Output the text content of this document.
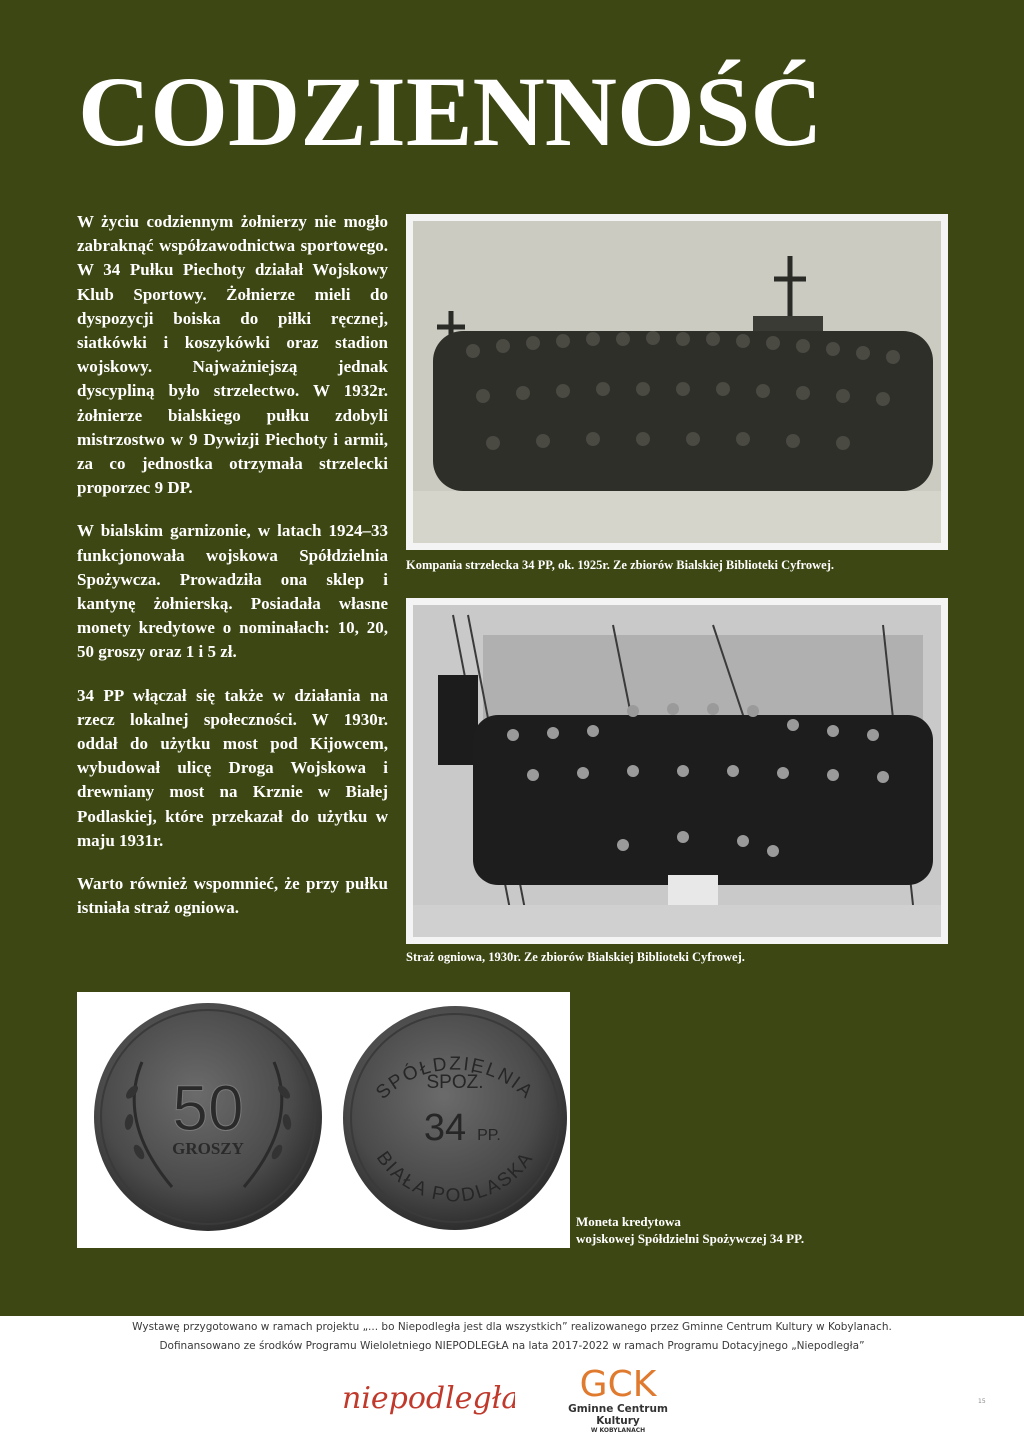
CODZIENNOŚĆ

W życiu codziennym żołnierzy nie mogło zabraknąć współzawodnictwa sportowego. W 34 Pułku Piechoty działał Wojskowy Klub Sportowy. Żołnierze mieli do dyspozycji boiska do piłki ręcznej, siatkówki i koszykówki oraz stadion wojskowy. Najważniejszą jednak dyscypliną było strzelectwo. W 1932r. żołnierze bialskiego pułku zdobyli mistrzostwo w 9 Dywizji Piechoty i armii, za co jednostka otrzymała strzelecki proporzec 9 DP.

W bialskim garnizonie, w latach 1924–33 funkcjonowała wojskowa Spółdzielnia Spożywcza. Prowadziła ona sklep i kantynę żołnierską. Posiadała własne monety kredytowe o nominałach: 10, 20, 50 groszy oraz 1 i 5 zł.

34 PP włączał się także w działania na rzecz lokalnej społeczności. W 1930r. oddał do użytku most pod Kijowcem, wybudował ulicę Droga Wojskowa i drewniany most na Krznie w Białej Podlaskiej, które przekazał do użytku w maju 1931r.

Warto również wspomnieć, że przy pułku istniała straż ogniowa.

Kompania strzelecka 34 PP, ok. 1925r. Ze zbiorów Bialskiej Biblioteki Cyfrowej.
Straż ogniowa, 1930r. Ze zbiorów Bialskiej Biblioteki Cyfrowej.
50
GROSZY
SPÓŁDZIELNIA
SPOŻ.
34 PP.
BIAŁA PODLASKA
Moneta kredytowa
wojskowej Spółdzielni Spożywczej 34 PP.
Wystawę przygotowano w ramach projektu „... bo Niepodległa jest dla wszystkich” realizowanego przez Gminne Centrum Kultury w Kobylanach.
Dofinansowano ze środków Programu Wieloletniego NIEPODLEGŁA na lata 2017-2022 w ramach Programu Dotacyjnego „Niepodległa”
niepodległa GCK
Gminne Centrum Kultury
W KOBYLANACH
15
